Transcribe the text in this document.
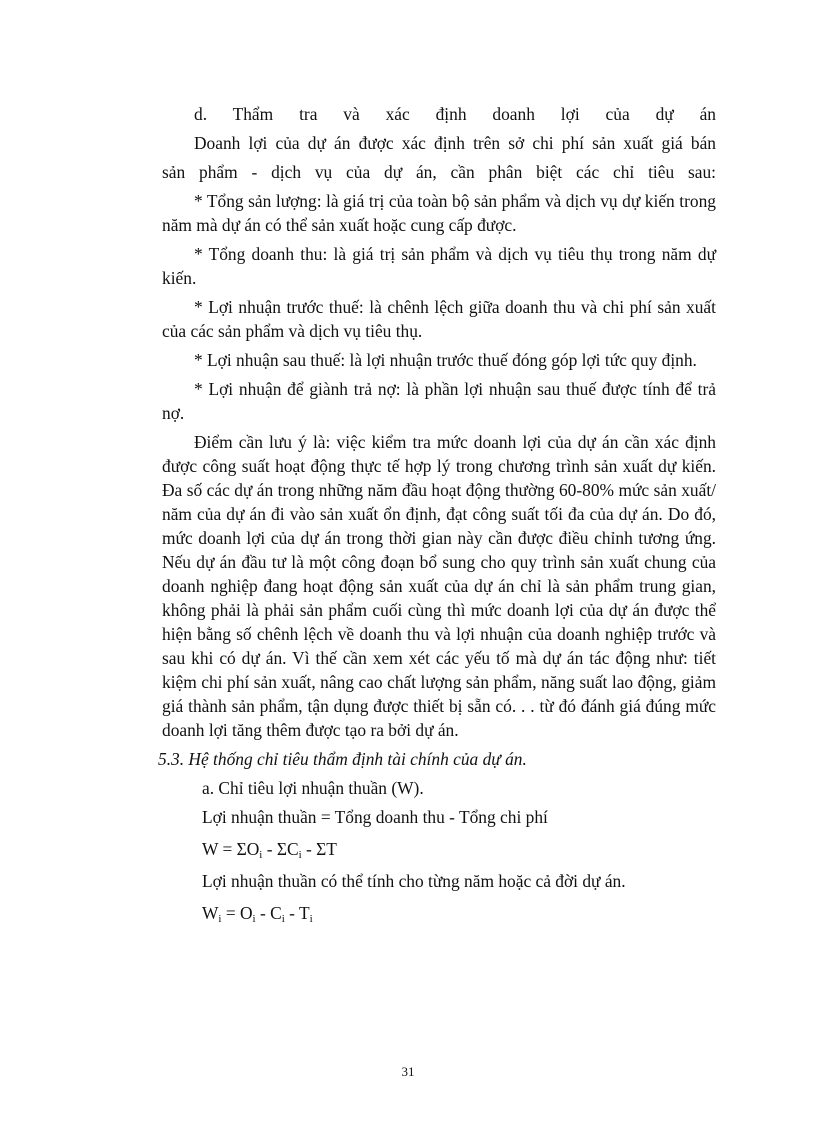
d. Thẩm tra và xác định doanh lợi của dự án

Doanh lợi của dự án được xác định trên sở chi phí sản xuất giá bán

sản phẩm - dịch vụ của dự án, cần phân biệt các chỉ tiêu sau:

* Tổng sản lượng: là giá trị của toàn bộ sản phẩm và dịch vụ dự kiến trong năm mà dự án có thể sản xuất hoặc cung cấp được.

* Tổng doanh thu: là giá trị sản phẩm và dịch vụ tiêu thụ trong năm dự kiến.

* Lợi nhuận trước thuế: là chênh lệch giữa doanh thu và chi phí sản xuất của các sản phẩm và dịch vụ tiêu thụ.

* Lợi nhuận sau thuế: là lợi nhuận trước thuế đóng góp lợi tức quy định.

* Lợi nhuận để giành trả nợ: là phần lợi nhuận sau thuế được tính để trả nợ.

Điểm cần lưu ý là: việc kiểm tra mức doanh lợi của dự án cần xác định được công suất hoạt động thực tế hợp lý trong chương trình sản xuất dự kiến. Đa số các dự án trong những năm đầu hoạt động thường 60-80% mức sản xuất/ năm của dự án đi vào sản xuất ổn định, đạt công suất tối đa của dự án. Do đó, mức doanh lợi của dự án trong thời gian này cần được điều chỉnh tương ứng. Nếu dự án đầu tư là một công đoạn bổ sung cho quy trình sản xuất chung của doanh nghiệp đang hoạt động sản xuất của dự án chỉ là sản phẩm trung gian, không phải là phải sản phẩm cuối cùng thì mức doanh lợi của dự án được thể hiện bằng số chênh lệch về doanh thu và lợi nhuận của doanh nghiệp trước và sau khi có dự án. Vì thế cần xem xét các yếu tố mà dự án tác động như: tiết kiệm chi phí sản xuất, nâng cao chất lượng sản phẩm, năng suất lao động, giảm giá thành sản phẩm, tận dụng được thiết bị sẵn có. . . từ đó đánh giá đúng mức doanh lợi tăng thêm được tạo ra bởi dự án.

5.3. Hệ thống chỉ tiêu thẩm định tài chính của dự án.

a. Chỉ tiêu lợi nhuận thuần (W).

Lợi nhuận thuần = Tổng doanh thu - Tổng chi phí

$W = \Sigma O_i - \Sigma C_i - \Sigma T$

Lợi nhuận thuần có thể tính cho từng năm hoặc cả đời dự án.

$W_i = O_i - C_i - T_i$

31
